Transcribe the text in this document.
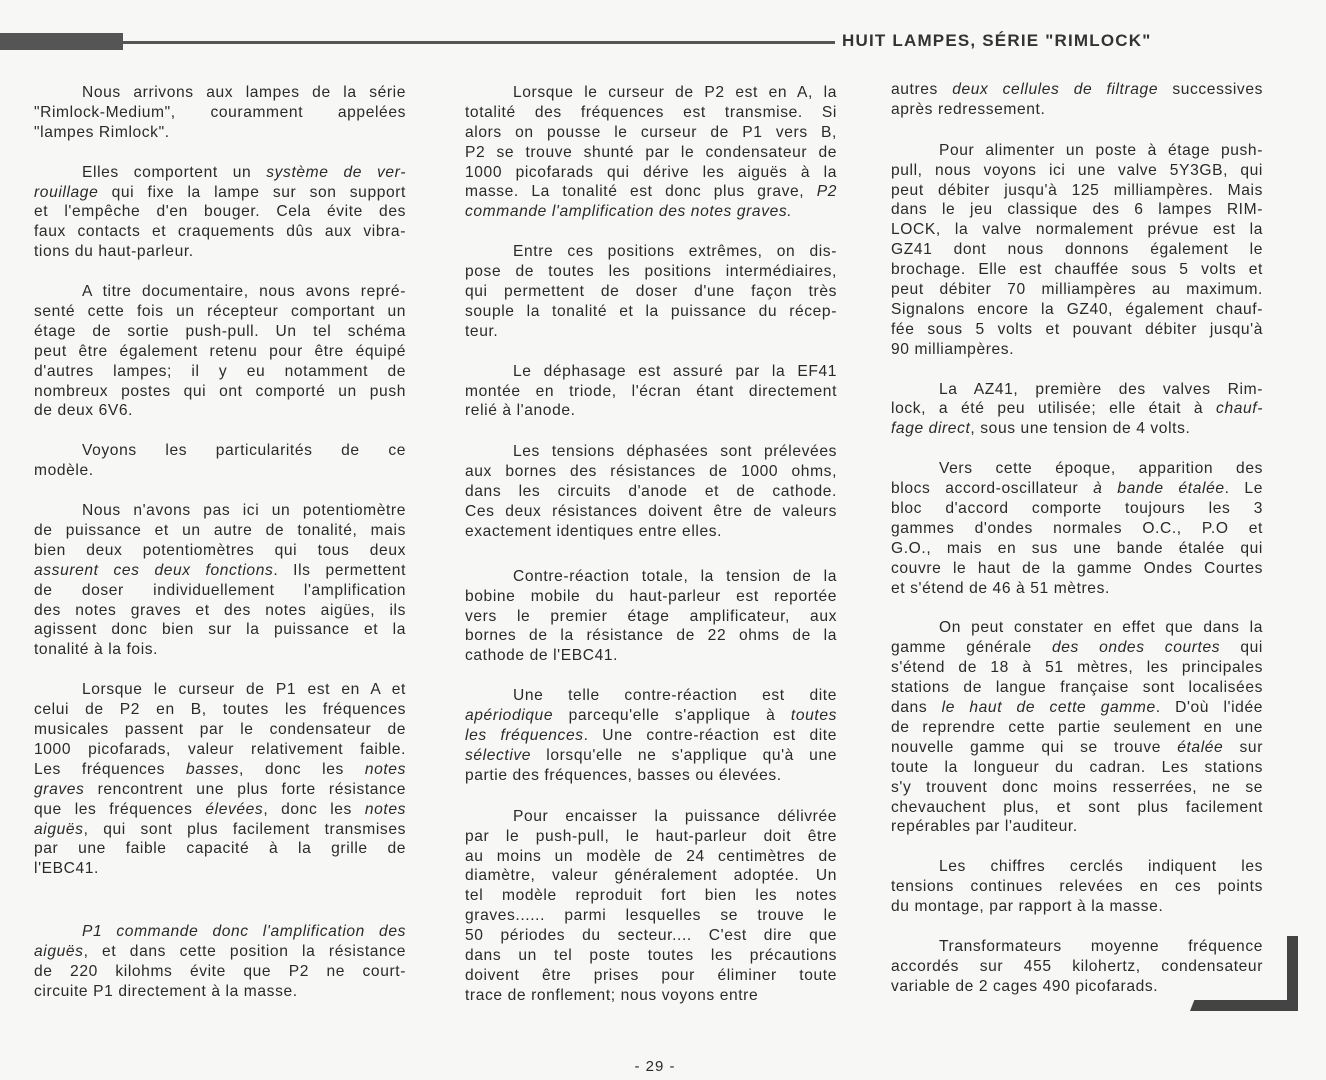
HUIT LAMPES, SÉRIE "RIMLOCK"
Nous arrivons aux lampes de la série
"Rimlock-Medium", couramment appelées
"lampes Rimlock".
Elles comportent un système de ver-
rouillage qui fixe la lampe sur son support
et l'empêche d'en bouger. Cela évite des
faux contacts et craquements dûs aux vibra-
tions du haut-parleur.
A titre documentaire, nous avons repré-
senté cette fois un récepteur comportant un
étage de sortie push-pull. Un tel schéma
peut être également retenu pour être équipé
d'autres lampes; il y eu notamment de
nombreux postes qui ont comporté un push
de deux 6V6.
Voyons les particularités de ce
modèle.
Nous n'avons pas ici un potentiomètre
de puissance et un autre de tonalité, mais
bien deux potentiomètres qui tous deux
assurent ces deux fonctions. Ils permettent
de doser individuellement l'amplification
des notes graves et des notes aigües, ils
agissent donc bien sur la puissance et la
tonalité à la fois.
Lorsque le curseur de P1 est en A et
celui de P2 en B, toutes les fréquences
musicales passent par le condensateur de
1000 picofarads, valeur relativement faible.
Les fréquences basses, donc les notes
graves rencontrent une plus forte résistance
que les fréquences élevées, donc les notes
aiguës, qui sont plus facilement transmises
par une faible capacité à la grille de
l'EBC41.
P1 commande donc l'amplification des
aiguës, et dans cette position la résistance
de 220 kilohms évite que P2 ne court-
circuite P1 directement à la masse.
Lorsque le curseur de P2 est en A, la
totalité des fréquences est transmise. Si
alors on pousse le curseur de P1 vers B,
P2 se trouve shunté par le condensateur de
1000 picofarads qui dérive les aiguës à la
masse. La tonalité est donc plus grave, P2
commande l'amplification des notes graves.
Entre ces positions extrêmes, on dis-
pose de toutes les positions intermédiaires,
qui permettent de doser d'une façon très
souple la tonalité et la puissance du récep-
teur.
Le déphasage est assuré par la EF41
montée en triode, l'écran étant directement
relié à l'anode.
Les tensions déphasées sont prélevées
aux bornes des résistances de 1000 ohms,
dans les circuits d'anode et de cathode.
Ces deux résistances doivent être de valeurs
exactement identiques entre elles.
Contre-réaction totale, la tension de la
bobine mobile du haut-parleur est reportée
vers le premier étage amplificateur, aux
bornes de la résistance de 22 ohms de la
cathode de l'EBC41.
Une telle contre-réaction est dite
apériodique parcequ'elle s'applique à toutes
les fréquences. Une contre-réaction est dite
sélective lorsqu'elle ne s'applique qu'à une
partie des fréquences, basses ou élevées.
Pour encaisser la puissance délivrée
par le push-pull, le haut-parleur doit être
au moins un modèle de 24 centimètres de
diamètre, valeur généralement adoptée. Un
tel modèle reproduit fort bien les notes
graves...... parmi lesquelles se trouve le
50 périodes du secteur.... C'est dire que
dans un tel poste toutes les précautions
doivent être prises pour éliminer toute
trace de ronflement; nous voyons entre
autres deux cellules de filtrage successives
après redressement.
Pour alimenter un poste à étage push-
pull, nous voyons ici une valve 5Y3GB, qui
peut débiter jusqu'à 125 milliampères. Mais
dans le jeu classique des 6 lampes RIM-
LOCK, la valve normalement prévue est la
GZ41 dont nous donnons également le
brochage. Elle est chauffée sous 5 volts et
peut débiter 70 milliampères au maximum.
Signalons encore la GZ40, également chauf-
fée sous 5 volts et pouvant débiter jusqu'à
90 milliampères.
La AZ41, première des valves Rim-
lock, a été peu utilisée; elle était à chauf-
fage direct, sous une tension de 4 volts.
Vers cette époque, apparition des
blocs accord-oscillateur à bande étalée. Le
bloc d'accord comporte toujours les 3
gammes d'ondes normales O.C., P.O et
G.O., mais en sus une bande étalée qui
couvre le haut de la gamme Ondes Courtes
et s'étend de 46 à 51 mètres.
On peut constater en effet que dans la
gamme générale des ondes courtes qui
s'étend de 18 à 51 mètres, les principales
stations de langue française sont localisées
dans le haut de cette gamme. D'où l'idée
de reprendre cette partie seulement en une
nouvelle gamme qui se trouve étalée sur
toute la longueur du cadran. Les stations
s'y trouvent donc moins resserrées, ne se
chevauchent plus, et sont plus facilement
repérables par l'auditeur.
Les chiffres cerclés indiquent les
tensions continues relevées en ces points
du montage, par rapport à la masse.
Transformateurs moyenne fréquence
accordés sur 455 kilohertz, condensateur
variable de 2 cages 490 picofarads.
- 29 -
